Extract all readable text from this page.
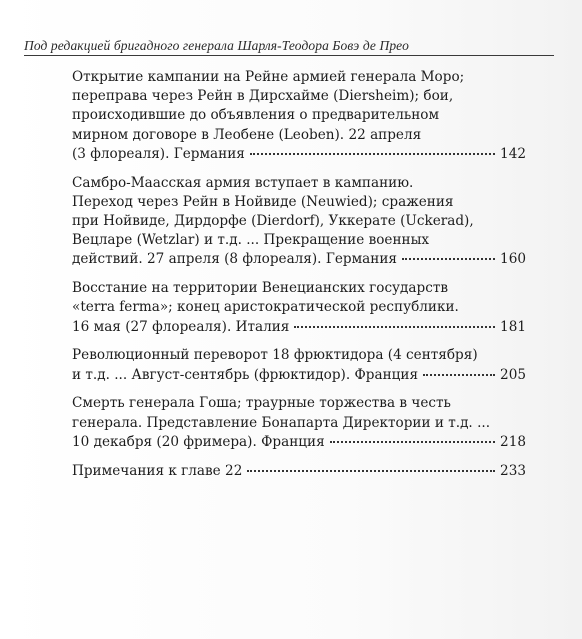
Под редакцией бригадного генерала Шарля-Теодора Бовэ де Прео
Открытие кампании на Рейне армией генерала Моро;
переправа через Рейн в Дирсхайме (Diersheim); бои,
происходившие до объявления о предварительном
мирном договоре в Леобене (Leoben). 22 апреля
(3 флореаля). Германия	142
Самбро-Маасская армия вступает в кампанию.
Переход через Рейн в Нойвиде (Neuwied); сражения
при Нойвиде, Дирдорфе (Dierdorf), Уккерате (Uckerad),
Вецларе (Wetzlar) и т.д. ... Прекращение военных
действий. 27 апреля (8 флореаля). Германия	160
Восстание на территории Венецианских государств
«terra ferma»; конец аристократической республики.
16 мая (27 флореаля). Италия	181
Революционный переворот 18 фрюктидора (4 сентября)
и т.д. ... Август-сентябрь (фрюктидор). Франция	205
Смерть генерала Гоша; траурные торжества в честь
генерала. Представление Бонапарта Директории и т.д. ...
10 декабря (20 фримера). Франция	218
Примечания к главе 22	233
